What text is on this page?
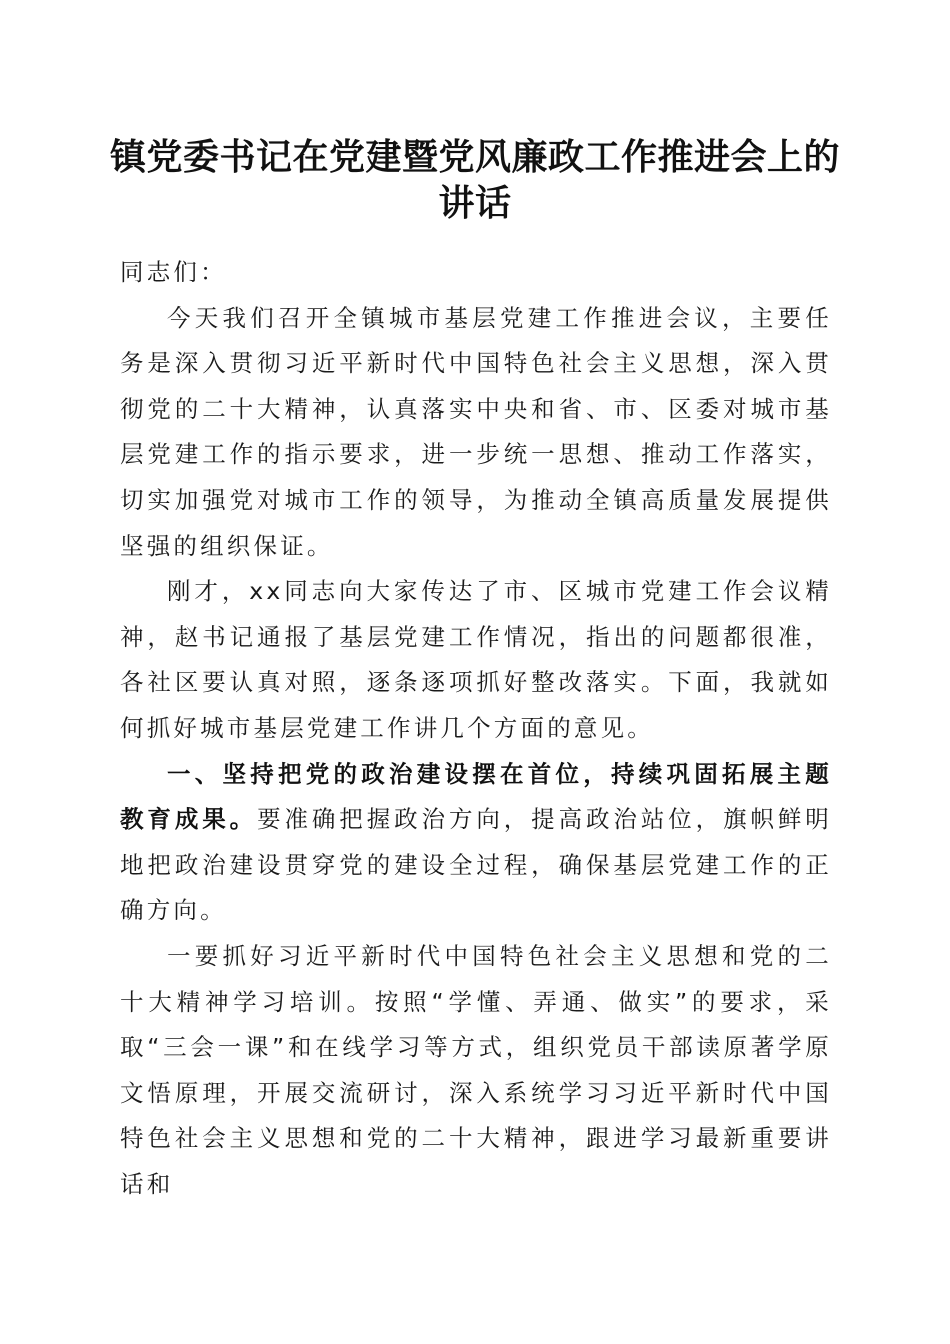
镇党委书记在党建暨党风廉政工作推进会上的
讲话

同志们：

今天我们召开全镇城市基层党建工作推进会议，主要任务是深入贯彻习近平新时代中国特色社会主义思想，深入贯彻党的二十大精神，认真落实中央和省、市、区委对城市基层党建工作的指示要求，进一步统一思想、推动工作落实，切实加强党对城市工作的领导，为推动全镇高质量发展提供坚强的组织保证。

刚才，xx同志向大家传达了市、区城市党建工作会议精神，赵书记通报了基层党建工作情况，指出的问题都很准，各社区要认真对照，逐条逐项抓好整改落实。下面，我就如何抓好城市基层党建工作讲几个方面的意见。

一、坚持把党的政治建设摆在首位，持续巩固拓展主题教育成果。要准确把握政治方向，提高政治站位，旗帜鲜明地把政治建设贯穿党的建设全过程，确保基层党建工作的正确方向。

一要抓好习近平新时代中国特色社会主义思想和党的二十大精神学习培训。按照“学懂、弄通、做实”的要求，采取“三会一课”和在线学习等方式，组织党员干部读原著学原文悟原理，开展交流研讨，深入系统学习习近平新时代中国特色社会主义思想和党的二十大精神，跟进学习最新重要讲话和
